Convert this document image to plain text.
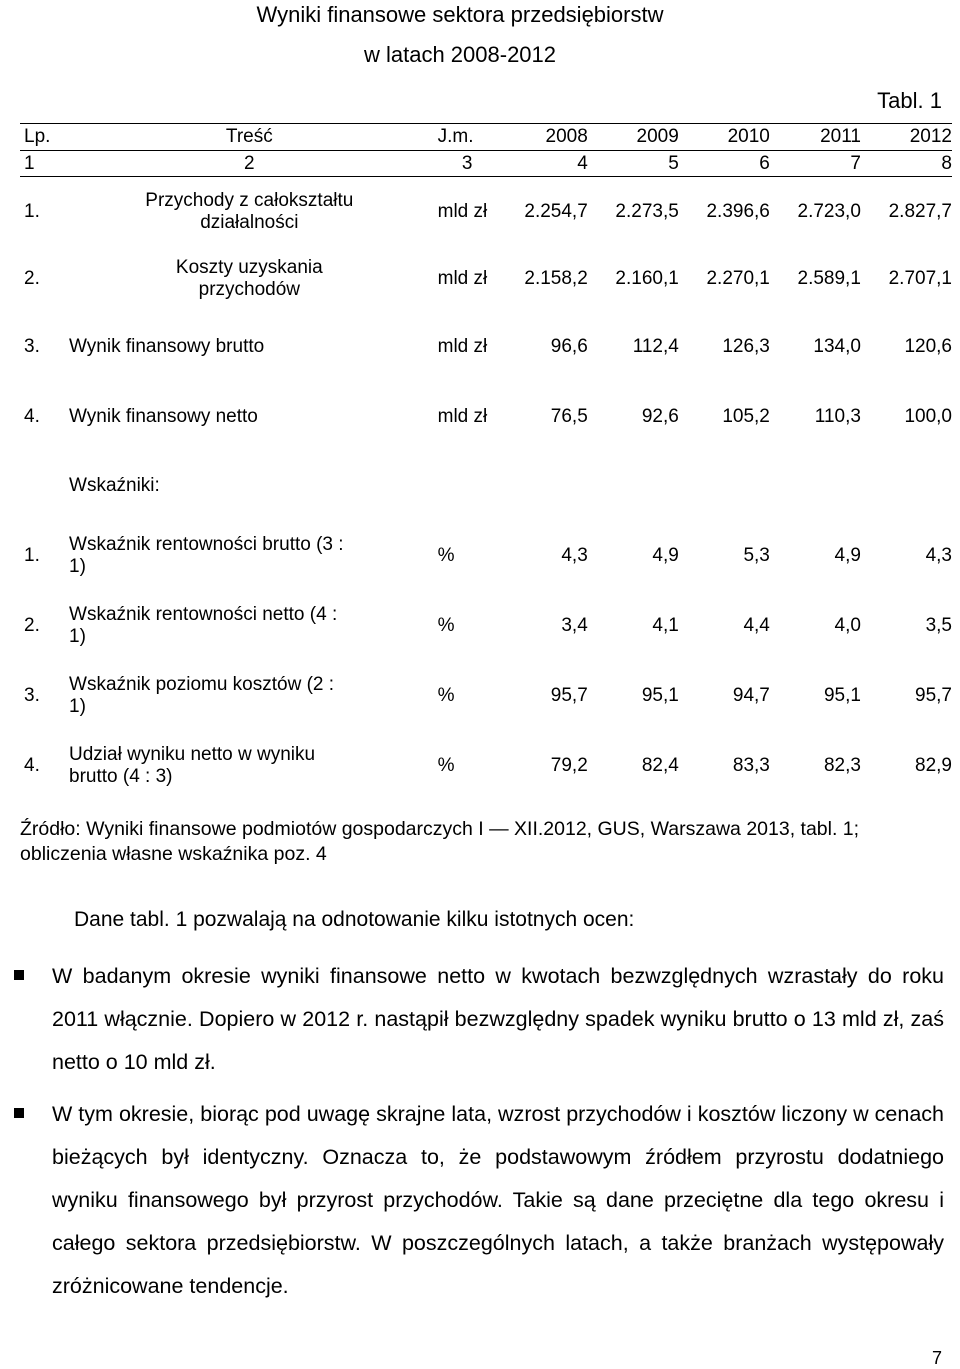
Wyniki finansowe sektora przedsiębiorstw
w latach 2008-2012
Tabl. 1
Lp.	Treść	J.m.	2008	2009	2010	2011	2012
1	2	3	4	5	6	7	8
1.	Przychody z całokształtu działalności	mld zł	2.254,7	2.273,5	2.396,6	2.723,0	2.827,7
2.	Koszty uzyskania przychodów	mld zł	2.158,2	2.160,1	2.270,1	2.589,1	2.707,1
3.	Wynik finansowy brutto	mld zł	96,6	112,4	126,3	134,0	120,6
4.	Wynik finansowy netto	mld zł	76,5	92,6	105,2	110,3	100,0
	Wskaźniki:						
1.	Wskaźnik rentowności brutto (3 : 1)	%	4,3	4,9	5,3	4,9	4,3
2.	Wskaźnik rentowności netto (4 : 1)	%	3,4	4,1	4,4	4,0	3,5
3.	Wskaźnik poziomu kosztów (2 : 1)	%	95,7	95,1	94,7	95,1	95,7
4.	Udział wyniku netto w wyniku brutto (4 : 3)	%	79,2	82,4	83,3	82,3	82,9
Źródło: Wyniki finansowe podmiotów gospodarczych I — XII.2012, GUS, Warszawa 2013, tabl. 1; obliczenia własne wskaźnika poz. 4
Dane tabl. 1 pozwalają na odnotowanie kilku istotnych ocen:
W badanym okresie wyniki finansowe netto w kwotach bezwzględnych wzrastały do roku 2011 włącznie. Dopiero w 2012 r. nastąpił bezwzględny spadek wyniku brutto o 13 mld zł, zaś netto o 10 mld zł.
W tym okresie, biorąc pod uwagę skrajne lata, wzrost przychodów i kosztów liczony w cenach bieżących był identyczny. Oznacza to, że podstawowym źródłem przyrostu dodatniego wyniku finansowego był przyrost przychodów. Takie są dane przeciętne dla tego okresu i całego sektora przedsiębiorstw. W poszczególnych latach, a także branżach występowały zróżnicowane tendencje.
7
